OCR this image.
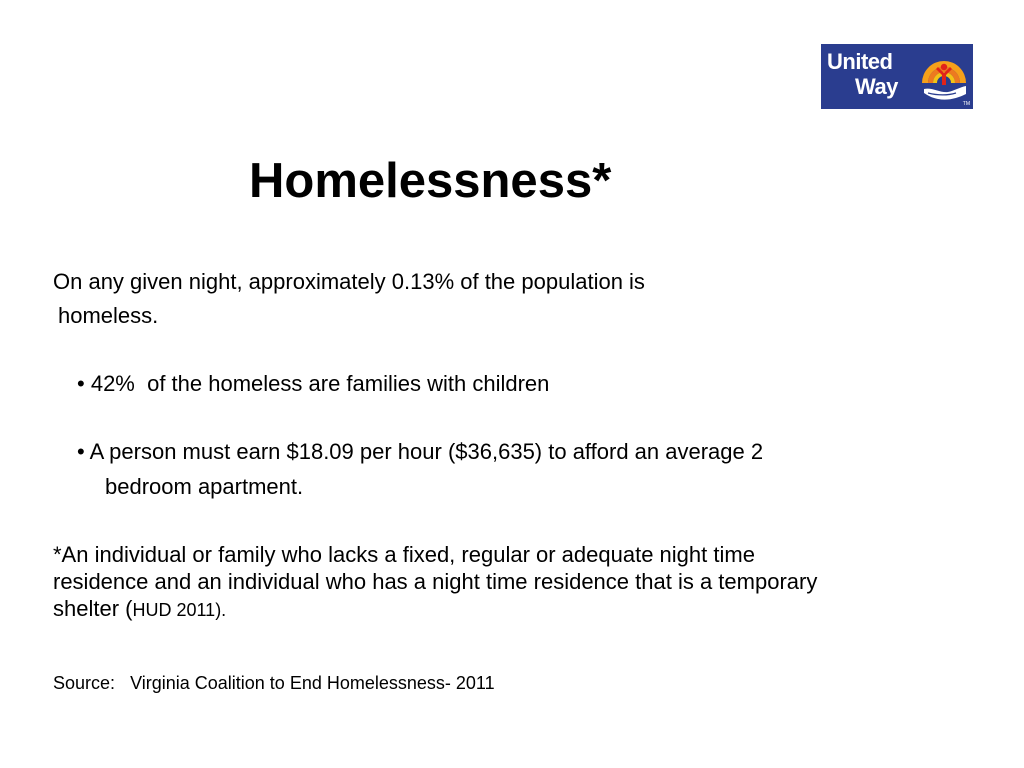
United
Way
TM
Homelessness*

On any given night, approximately 0.13% of the population is

homeless.

• 42%  of the homeless are families with children

• A person must earn $18.09 per hour ($36,635) to afford an average 2

bedroom apartment.

*An individual or family who lacks a fixed, regular or adequate night time

residence and an individual who has a night time residence that is a temporary

shelter (HUD 2011).

Source: Virginia Coalition to End Homelessness- 2011
